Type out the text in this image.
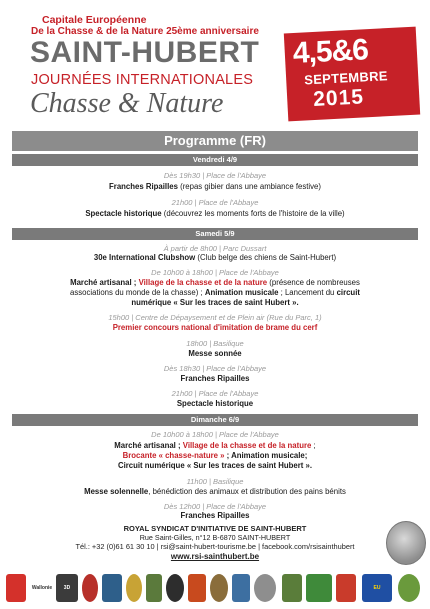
Capitale Européenne
De la Chasse & de la Nature 25ème anniversaire
SAINT-HUBERT
JOURNÉES INTERNATIONALES
Chasse & Nature
4,5&6
SEPTEMBRE
2015
Programme (FR)
Vendredi 4/9
Dès 19h30 | Place de l'Abbaye
Franches Ripailles (repas gibier dans une ambiance festive)
21h00 | Place de l'Abbaye
Spectacle historique (découvrez les moments forts de l'histoire de la ville)
Samedi 5/9
À partir de 8h00 | Parc Dussart
30e International Clubshow (Club belge des chiens de Saint-Hubert)
De 10h00 à 18h00 | Place de l'Abbaye
Marché artisanal ; Village de la chasse et de la nature (présence de nombreuses
associations du monde de la chasse) ; Animation musicale ; Lancement du circuit
numérique « Sur les traces de saint Hubert ».
15h00 | Centre de Dépaysement et de Plein air (Rue du Parc, 1)
Premier concours national d'imitation de brame du cerf
18h00 | Basilique
Messe sonnée
Dès 18h30 | Place de l'Abbaye
Franches Ripailles
21h00 | Place de l'Abbaye
Spectacle historique
Dimanche 6/9
De 10h00 à 18h00 | Place de l'Abbaye
Marché artisanal ; Village de la chasse et de la nature ;
Brocante « chasse-nature » ; Animation musicale;
Circuit numérique « Sur les traces de saint Hubert ».
11h00 | Basilique
Messe solennelle, bénédiction des animaux et distribution des pains bénits
Dès 12h00 | Place de l'Abbaye
Franches Ripailles
ROYAL SYNDICAT D'INITIATIVE DE SAINT-HUBERT
Rue Saint-Gilles, n°12 B-6870 SAINT-HUBERT
Tél.: +32 (0)61 61 30 10 | rsi@saint-hubert-tourisme.be | facebook.com/rsisainthubert
www.rsi-sainthubert.be
Wallonie	3D	EU
